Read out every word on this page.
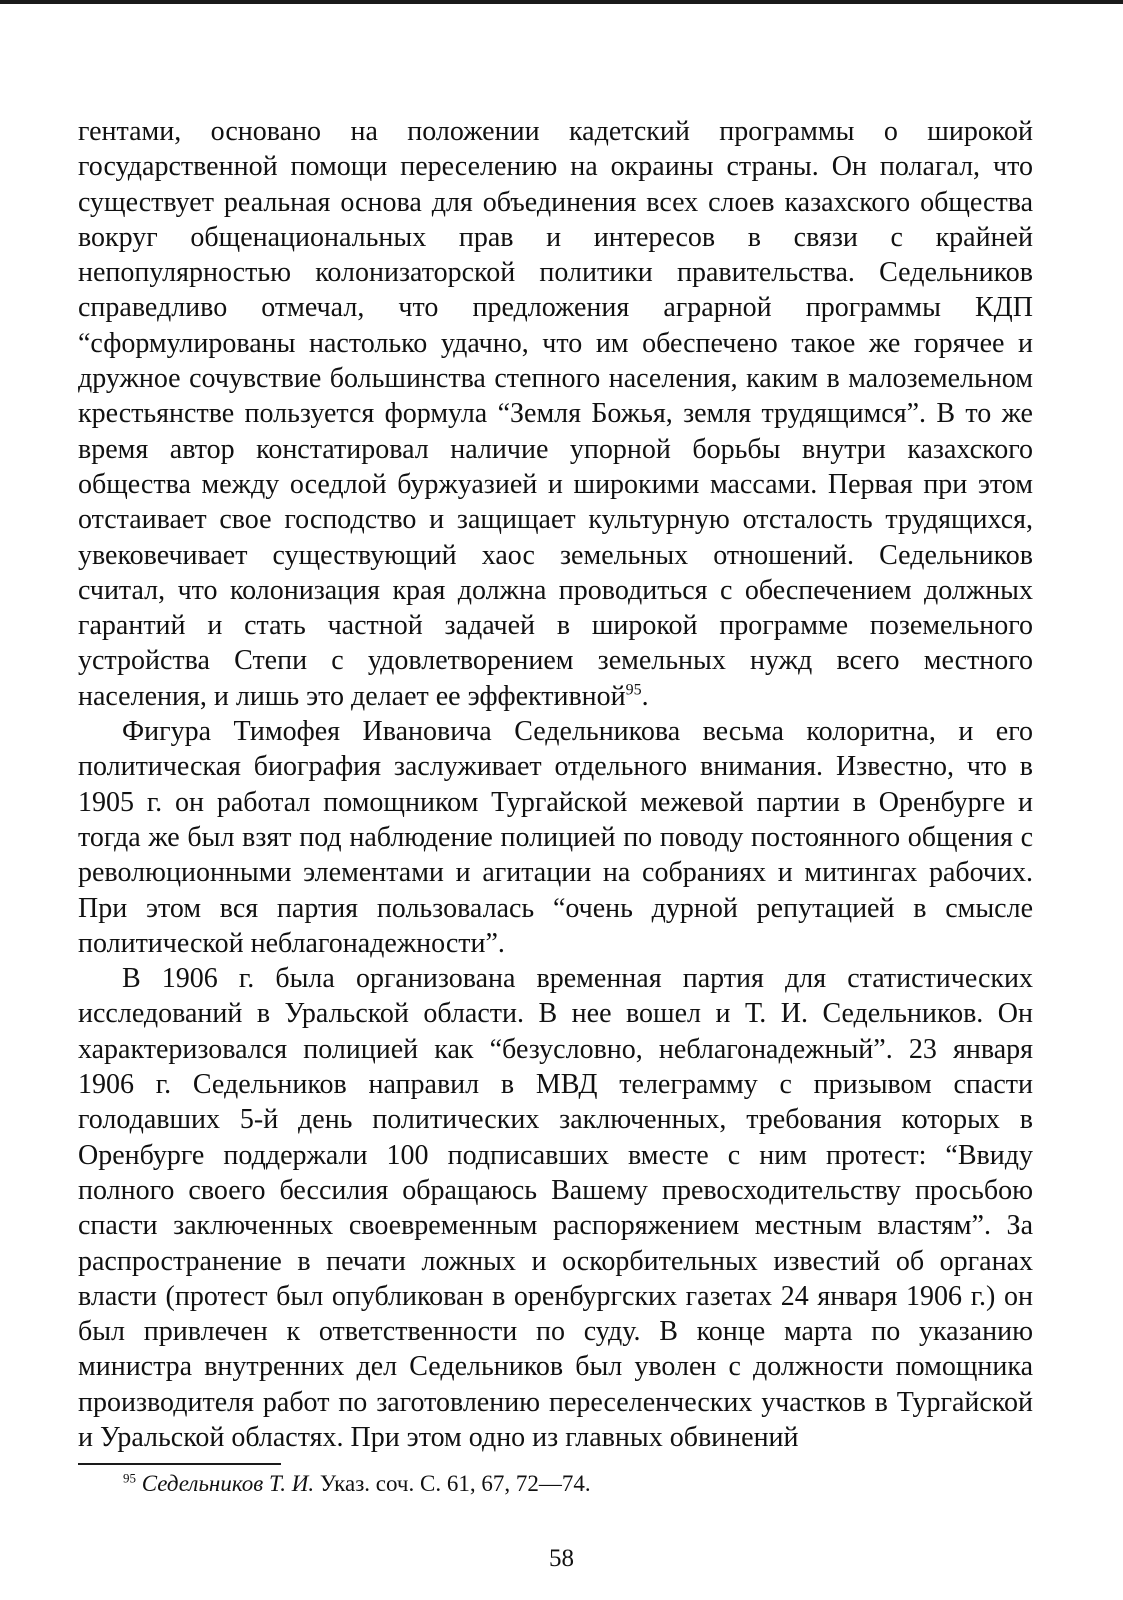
гентами, основано на положении кадетский программы о широкой государственной помощи переселению на окраины страны. Он полагал, что существует реальная основа для объединения всех слоев казахского общества вокруг общенациональных прав и интересов в связи с крайней непопулярностью колонизаторской политики правительства. Седельников справедливо отмечал, что предложения аграрной программы КДП “сформулированы настолько удачно, что им обеспечено такое же горячее и дружное сочувствие большинства степного населения, каким в малоземельном крестьянстве пользуется формула “Земля Божья, земля трудящимся”. В то же время автор констатировал наличие упорной борьбы внутри казахского общества между оседлой буржуазией и широкими массами. Первая при этом отстаивает свое господство и защищает культурную отсталость трудящихся, увековечивает существующий хаос земельных отношений. Седельников считал, что колонизация края должна проводиться с обеспечением должных гарантий и стать частной задачей в широкой программе поземельного устройства Степи с удовлетворением земельных нужд всего местного населения, и лишь это делает ее эффективной$^{95}$.

Фигура Тимофея Ивановича Седельникова весьма колоритна, и его политическая биография заслуживает отдельного внимания. Известно, что в 1905 г. он работал помощником Тургайской межевой партии в Оренбурге и тогда же был взят под наблюдение полицией по поводу постоянного общения с революционными элементами и агитации на собраниях и митингах рабочих. При этом вся партия пользовалась “очень дурной репутацией в смысле политической неблагонадежности”.

В 1906 г. была организована временная партия для статистических исследований в Уральской области. В нее вошел и Т. И. Седельников. Он характеризовался полицией как “безусловно, неблагонадежный”. 23 января 1906 г. Седельников направил в МВД телеграмму с призывом спасти голодавших 5-й день политических заключенных, требования которых в Оренбурге поддержали 100 подписавших вместе с ним протест: “Ввиду полного своего бессилия обращаюсь Вашему превосходительству просьбою спасти заключенных своевременным распоряжением местным властям”. За распространение в печати ложных и оскорбительных известий об органах власти (протест был опубликован в оренбургских газетах 24 января 1906 г.) он был привлечен к ответственности по суду. В конце марта по указанию министра внутренних дел Седельников был уволен с должности помощника производителя работ по заготовлению переселенческих участков в Тургайской и Уральской областях. При этом одно из главных обвинений

$^{95}$ Седельников Т. И. Указ. соч. С. 61, 67, 72—74.
58
